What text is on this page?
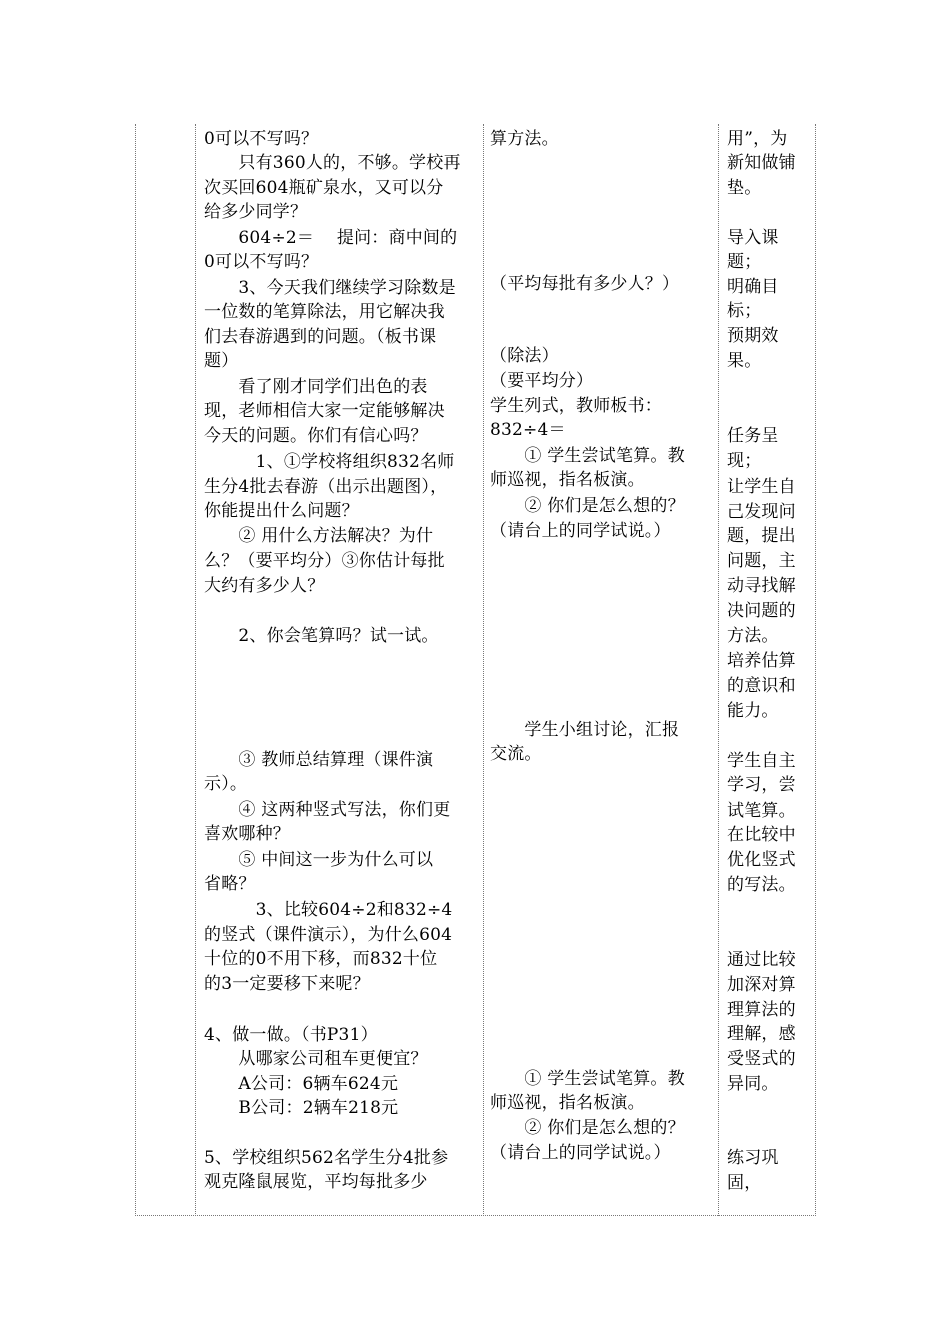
0可以不写吗？
　　只有360人的，不够。学校再
次买回604瓶矿泉水，又可以分
给多少同学？
　　604÷2＝　 提问：商中间的
0可以不写吗？
　　3、今天我们继续学习除数是
一位数的笔算除法，用它解决我
们去春游遇到的问题。（板书课
题）
　　看了刚才同学们出色的表
现，老师相信大家一定能够解决
今天的问题。你们有信心吗？
　　　1、①学校将组织832名师
生分4批去春游（出示出题图），
你能提出什么问题？
　　② 用什么方法解决？为什
么？（要平均分）③你估计每批
大约有多少人？
　　2、你会笔算吗？试一试。
　　③ 教师总结算理（课件演
示）。
　　④ 这两种竖式写法，你们更
喜欢哪种？
　　⑤ 中间这一步为什么可以
省略？
　　　3、比较604÷2和832÷4
的竖式（课件演示），为什么604
十位的0不用下移，而832十位
的3一定要移下来呢？
4、做一做。（书P31）
　　从哪家公司租车更便宜？
　　A公司：6辆车624元
　　B公司：2辆车218元
5、学校组织562名学生分4批参
观克隆鼠展览，平均每批多少
算方法。
（平均每批有多少人？）
（除法）
（要平均分）
学生列式，教师板书：
832÷4＝
　　① 学生尝试笔算。教
师巡视，指名板演。
　　② 你们是怎么想的？
（请台上的同学试说。）
　　学生小组讨论，汇报
交流。
　　① 学生尝试笔算。教
师巡视，指名板演。
　　② 你们是怎么想的？
（请台上的同学试说。）
用”，为
新知做铺
垫。
导入课
题；
明确目
标；
预期效
果。
任务呈
现；
让学生自
己发现问
题，提出
问题，主
动寻找解
决问题的
方法。
培养估算
的意识和
能力。
学生自主
学习，尝
试笔算。
在比较中
优化竖式
的写法。
通过比较
加深对算
理算法的
理解，感
受竖式的
异同。
练习巩
固，
